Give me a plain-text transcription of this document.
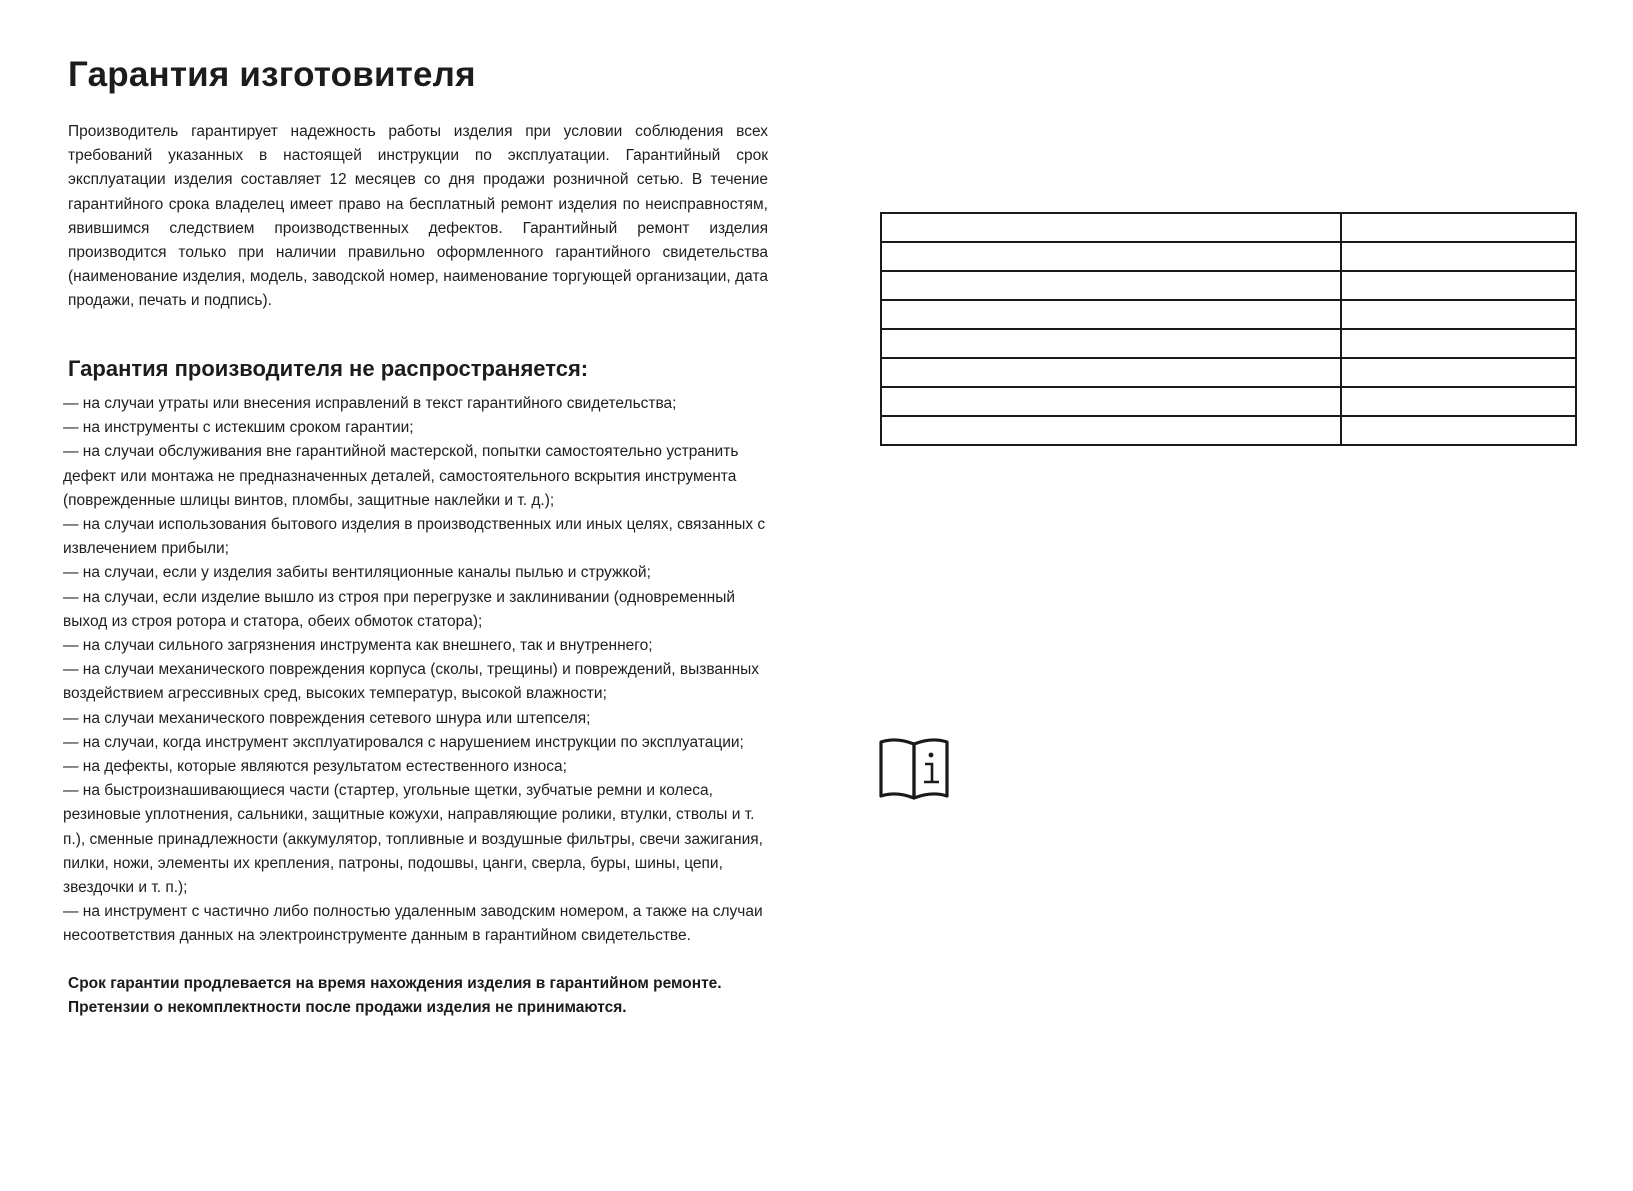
Гарантия изготовителя

Производитель гарантирует надежность работы изделия при условии соблюдения всех требований указанных в настоящей инструкции по эксплуатации. Гарантийный срок эксплуатации изделия составляет 12 месяцев со дня продажи розничной сетью. В течение гарантийного срока владелец имеет право на бесплатный ремонт изделия по неисправностям, явившимся следствием производственных дефектов. Гарантийный ремонт изделия производится только при наличии правильно оформленного гарантийного свидетельства (наименование изделия, модель, заводской номер, наименование торгующей организации, дата продажи, печать и подпись).

Гарантия производителя не распространяется:
— на случаи утраты или внесения исправлений в текст гарантийного свидетельства;
— на инструменты с истекшим сроком гарантии;
— на случаи обслуживания вне гарантийной мастерской, попытки самостоятельно устранить дефект или монтажа не предназначенных деталей, самостоятельного вскрытия инструмента (поврежденные шлицы винтов, пломбы, защитные наклейки и т. д.);
— на случаи использования бытового изделия в производственных или иных целях, связанных с извлечением прибыли;
— на случаи, если у изделия забиты вентиляционные каналы пылью и стружкой;
— на случаи, если изделие вышло из строя при перегрузке и заклинивании (одновременный выход из строя ротора и статора, обеих обмоток статора);
— на случаи сильного загрязнения инструмента как внешнего, так и внутреннего;
— на случаи механического повреждения корпуса (сколы, трещины) и повреждений, вызванных воздействием агрессивных сред, высоких температур, высокой влажности;
— на случаи механического повреждения сетевого шнура или штепселя;
— на случаи, когда инструмент эксплуатировался с нарушением инструкции по эксплуатации;
— на дефекты, которые являются результатом естественного износа;
— на быстроизнашивающиеся части (стартер, угольные щетки, зубчатые ремни и колеса, резиновые уплотнения, сальники, защитные кожухи, направляющие ролики, втулки, стволы и т. п.), сменные принадлежности (аккумулятор, топливные и воздушные фильтры, свечи зажигания, пилки, ножи, элементы их крепления, патроны, подошвы, цанги, сверла, буры, шины, цепи, звездочки и т. п.);
— на инструмент с частично либо полностью удаленным заводским номером, а также на случаи несоответствия данных на электроинструменте данным в гарантийном свидетельстве.

Срок гарантии продлевается на время нахождения изделия в гарантийном ремонте.

Претензии о некомплектности после продажи изделия не принимаются.
